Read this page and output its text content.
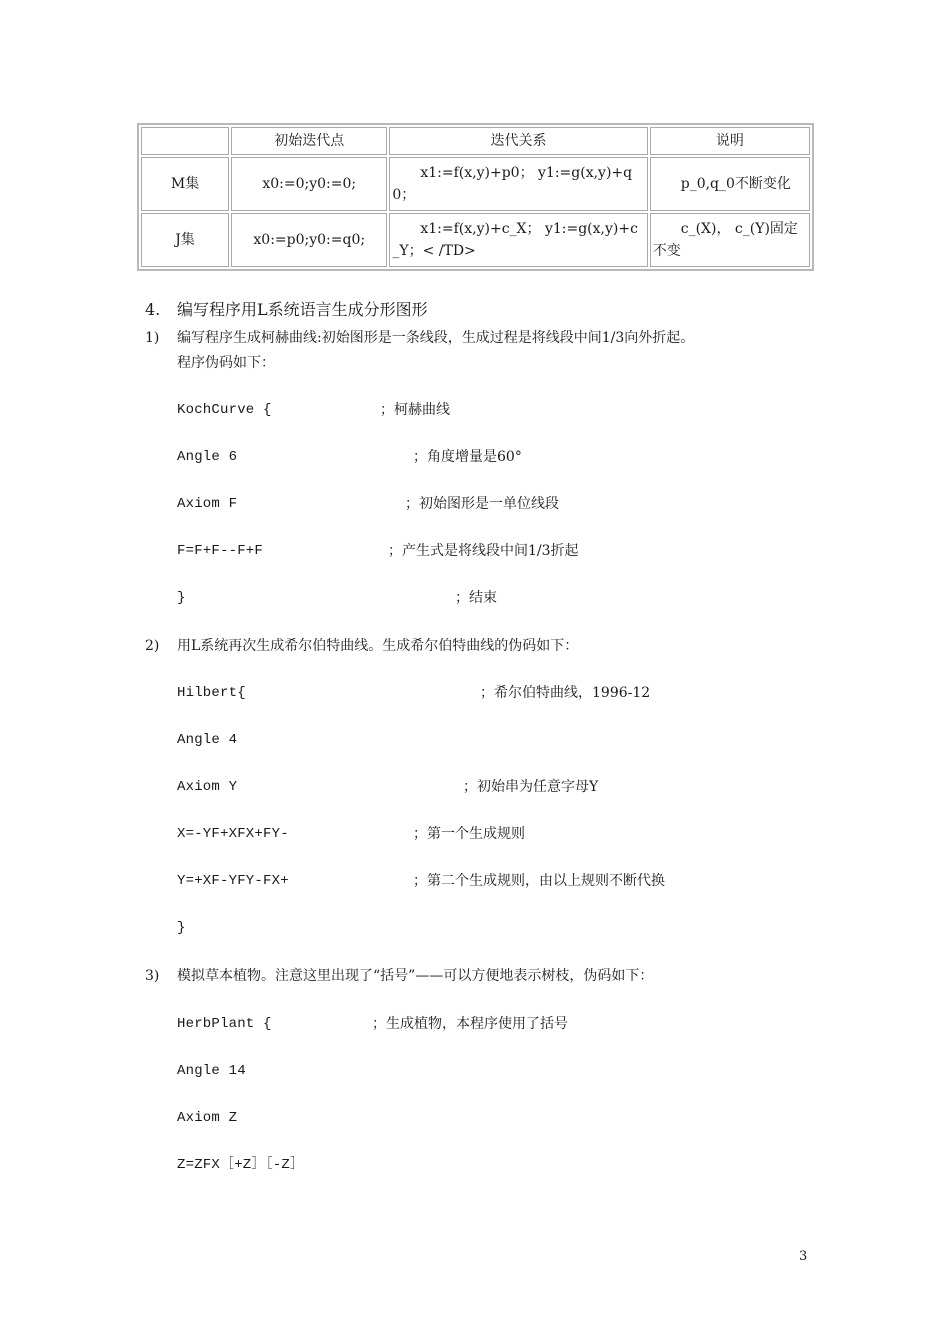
	初始迭代点	迭代关系	说明
M集	x0:=0;y0:=0;	x1:=f(x,y)+p0； y1:=g(x,y)+q0；	p_0,q_0不断变化
J集	x0:=p0;y0:=q0;	x1:=f(x,y)+c_X； y1:=g(x,y)+c_Y；< /TD>	c_(X)， c_(Y)固定不变
4. 编写程序用L系统语言生成分形图形
1) 编写程序生成柯赫曲线:初始图形是一条线段，生成过程是将线段中间1/3向外折起。
程序伪码如下：
KochCurve {	；柯赫曲线
Angle 6	；角度增量是60°
Axiom F	；初始图形是一单位线段
F=F+F--F+F	；产生式是将线段中间1/3折起
}	；结束
2) 用L系统再次生成希尔伯特曲线。生成希尔伯特曲线的伪码如下：
Hilbert{	；希尔伯特曲线，1996-12
Angle 4
Axiom Y	；初始串为任意字母Y
X=-YF+XFX+FY-	；第一个生成规则
Y=+XF-YFY-FX+	；第二个生成规则，由以上规则不断代换
}
3) 模拟草本植物。注意这里出现了“括号”——可以方便地表示树枝，伪码如下：
HerbPlant {	；生成植物，本程序使用了括号
Angle 14
Axiom Z
Z=ZFX［+Z］［-Z］
3
